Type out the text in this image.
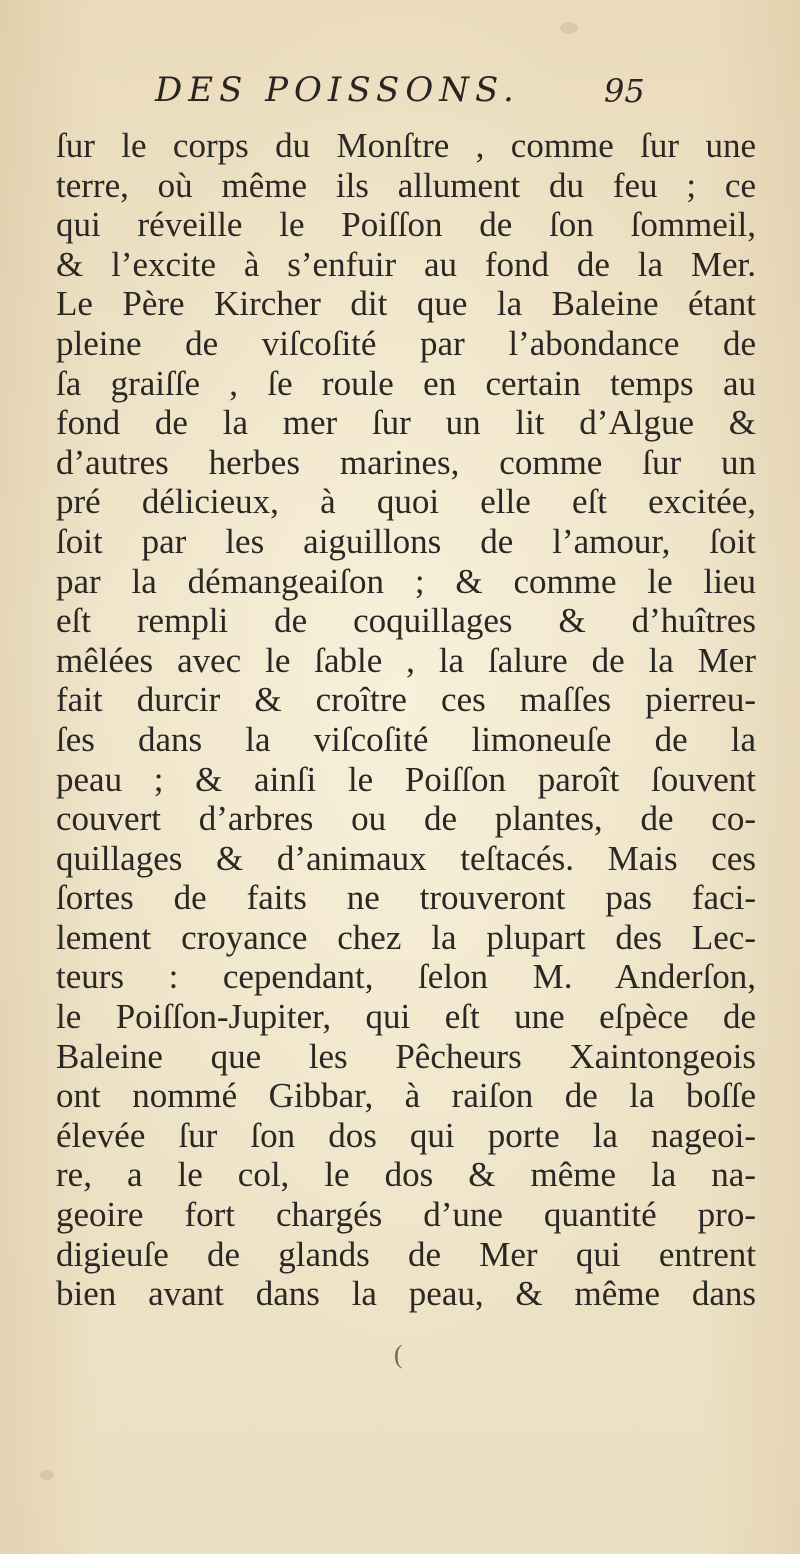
DES POISSONS.	95
ſur le corps du Monſtre , comme ſur une
terre, où même ils allument du feu ; ce
qui réveille le Poiſſon de ſon ſommeil,
& l’excite à s’enfuir au fond de la Mer.
Le Père Kircher dit que la Baleine étant
pleine de viſcoſité par l’abondance de
ſa graiſſe , ſe roule en certain temps au
fond de la mer ſur un lit d’Algue &
d’autres herbes marines, comme ſur un
pré délicieux, à quoi elle eſt excitée,
ſoit par les aiguillons de l’amour, ſoit
par la démangeaiſon ; & comme le lieu
eſt rempli de coquillages & d’huîtres
mêlées avec le ſable , la ſalure de la Mer
fait durcir & croître ces maſſes pierreu-
ſes dans la viſcoſité limoneuſe de la
peau ; & ainſi le Poiſſon paroît ſouvent
couvert d’arbres ou de plantes, de co-
quillages & d’animaux teſtacés. Mais ces
ſortes de faits ne trouveront pas faci-
lement croyance chez la plupart des Lec-
teurs : cependant, ſelon M. Anderſon,
le Poiſſon-Jupiter, qui eſt une eſpèce de
Baleine que les Pêcheurs Xaintongeois
ont nommé Gibbar, à raiſon de la boſſe
élevée ſur ſon dos qui porte la nageoi-
re, a le col, le dos & même la na-
geoire fort chargés d’une quantité pro-
digieuſe de glands de Mer qui entrent
bien avant dans la peau, & même dans
(
